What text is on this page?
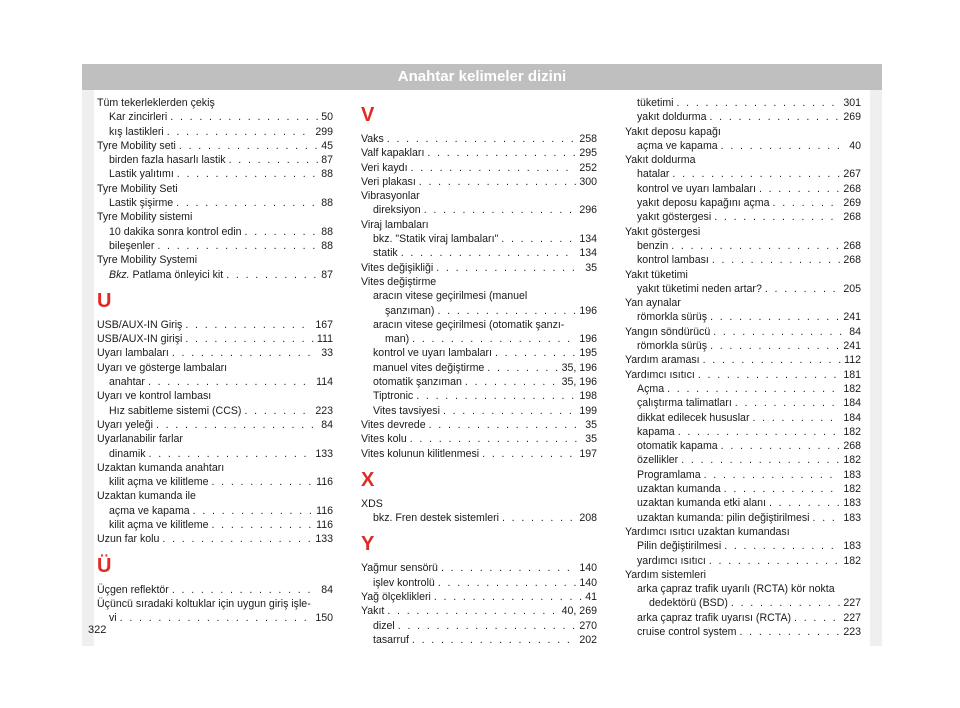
Anahtar kelimeler dizini
Tüm tekerleklerden çekiş
Kar zincirleri . . .	50
kış lastikleri . . .	299
Tyre Mobility seti . . .	45
birden fazla hasarlı lastik . . .	87
Lastik yalıtımı . . .	88
Tyre Mobility Seti
Lastik şişirme . . .	88
Tyre Mobility sistemi
10 dakika sonra kontrol edin . . .	88
bileşenler . . .	88
Tyre Mobility Systemi
Bkz. Patlama önleyici kit . . .	87
U
USB/AUX-IN Giriş . . .	167
USB/AUX-IN girişi . . .	111
Uyarı lambaları . . .	33
Uyarı ve gösterge lambaları
anahtar . . .	114
Uyarı ve kontrol lambası
Hız sabitleme sistemi (CCS) . . .	223
Uyarı yeleği . . .	84
Uyarlanabilir farlar
dinamik . . .	133
Uzaktan kumanda anahtarı
kilit açma ve kilitleme . . .	116
Uzaktan kumanda ile
açma ve kapama . . .	116
kilit açma ve kilitleme . . .	116
Uzun far kolu . . .	133
Ü
Üçgen reflektör . . .	84
Üçüncü sıradaki koltuklar için uygun giriş işle-
vi . . .	150
V
Vaks . . .	258
Valf kapakları . . .	295
Veri kaydı . . .	252
Veri plakası . . .	300
Vibrasyonlar
direksiyon . . .	296
Viraj lambaları
bkz. "Statik viraj lambaları" . . .	134
statik . . .	134
Vites değişikliği . . .	35
Vites değiştirme
aracın vitese geçirilmesi (manuel
şanzıman) . . .	196
aracın vitese geçirilmesi (otomatik şanzı-
man) . . .	196
kontrol ve uyarı lambaları . . .	195
manuel vites değiştirme . . .	35, 196
otomatik şanzıman . . .	35, 196
Tiptronic . . .	198
Vites tavsiyesi . . .	199
Vites devrede . . .	35
Vites kolu . . .	35
Vites kolunun kilitlenmesi . . .	197
X
XDS
bkz. Fren destek sistemleri . . .	208
Y
Yağmur sensörü . . .	140
işlev kontrolü . . .	140
Yağ ölçeklikleri . . .	41
Yakıt . . .	40, 269
dizel . . .	270
tasarruf . . .	202
tüketimi . . .	301
yakıt doldurma . . .	269
Yakıt deposu kapağı
açma ve kapama . . .	40
Yakıt doldurma
hatalar . . .	267
kontrol ve uyarı lambaları . . .	268
yakıt deposu kapağını açma . . .	269
yakıt göstergesi . . .	268
Yakıt göstergesi
benzin . . .	268
kontrol lambası . . .	268
Yakıt tüketimi
yakıt tüketimi neden artar? . . .	205
Yan aynalar
römorkla sürüş . . .	241
Yangın söndürücü . . .	84
römorkla sürüş . . .	241
Yardım araması . . .	112
Yardımcı ısıtıcı . . .	181
Açma . . .	182
çalıştırma talimatları . . .	184
dikkat edilecek hususlar . . .	184
kapama . . .	182
otomatik kapama . . .	268
özellikler . . .	182
Programlama . . .	183
uzaktan kumanda . . .	182
uzaktan kumanda etki alanı . . .	183
uzaktan kumanda: pilin değiştirilmesi . . .	183
Yardımcı ısıtıcı uzaktan kumandası
Pilin değiştirilmesi . . .	183
yardımcı ısıtıcı . . .	182
Yardım sistemleri
arka çapraz trafik uyarılı (RCTA) kör nokta
dedektörü (BSD) . . .	227
arka çapraz trafik uyarısı (RCTA) . . .	227
cruise control system . . .	223
322
